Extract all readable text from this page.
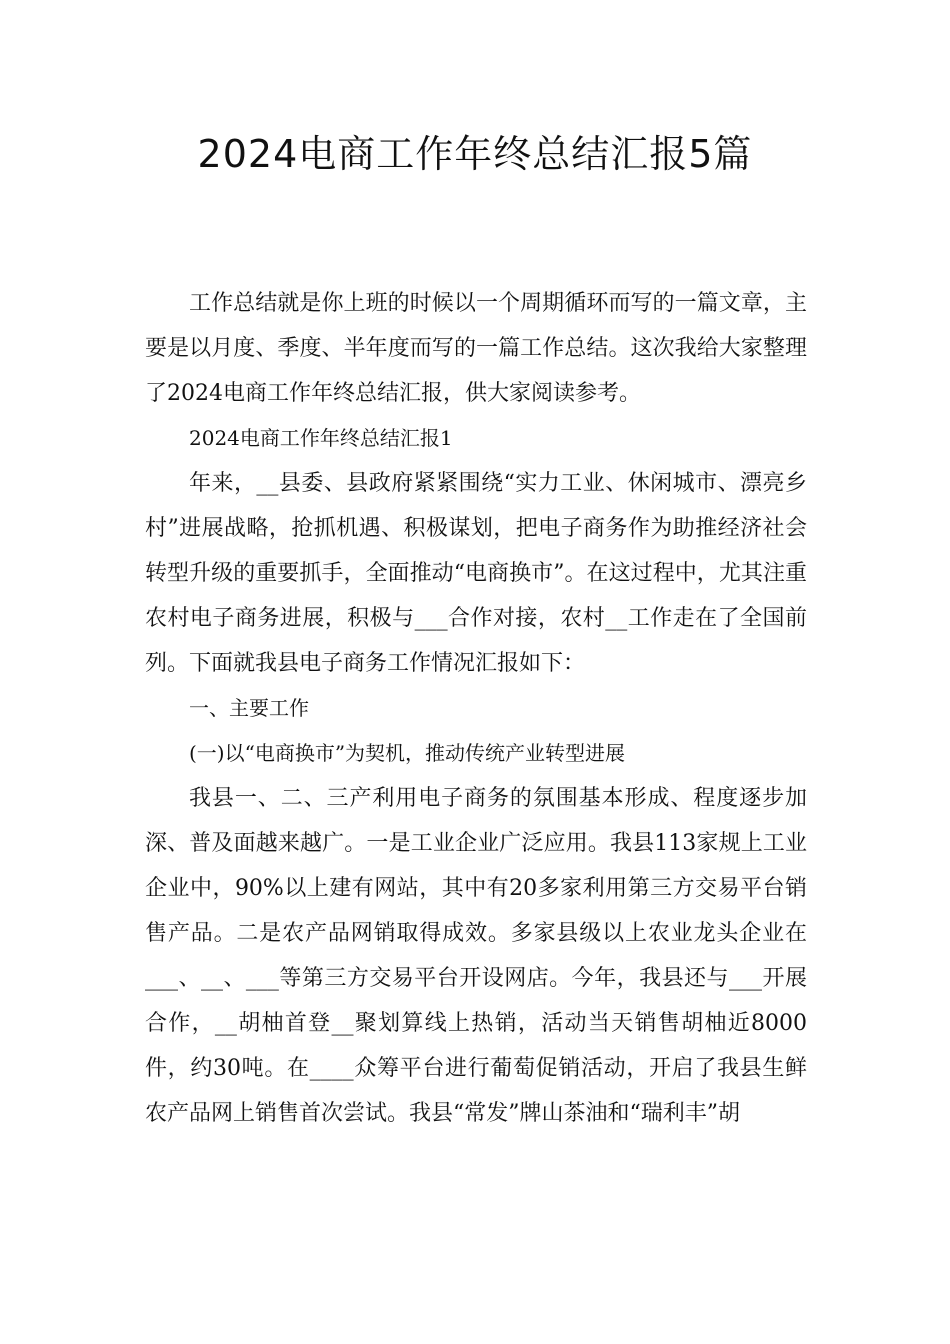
2024电商工作年终总结汇报5篇

工作总结就是你上班的时候以一个周期循环而写的一篇文章，主要是以月度、季度、半年度而写的一篇工作总结。这次我给大家整理了2024电商工作年终总结汇报，供大家阅读参考。

2024电商工作年终总结汇报1

年来，__县委、县政府紧紧围绕“实力工业、休闲城市、漂亮乡村”进展战略，抢抓机遇、积极谋划，把电子商务作为助推经济社会转型升级的重要抓手，全面推动“电商换市”。在这过程中，尤其注重农村电子商务进展，积极与___合作对接，农村__工作走在了全国前列。下面就我县电子商务工作情况汇报如下：

一、主要工作

(一)以“电商换市”为契机，推动传统产业转型进展

我县一、二、三产利用电子商务的氛围基本形成、程度逐步加深、普及面越来越广。一是工业企业广泛应用。我县113家规上工业企业中，90%以上建有网站，其中有20多家利用第三方交易平台销售产品。二是农产品网销取得成效。多家县级以上农业龙头企业在___、__、___等第三方交易平台开设网店。今年，我县还与___开展合作，__胡柚首登__聚划算线上热销，活动当天销售胡柚近8000件，约30吨。在____众筹平台进行葡萄促销活动，开启了我县生鲜农产品网上销售首次尝试。我县“常发”牌山茶油和“瑞利丰”胡
